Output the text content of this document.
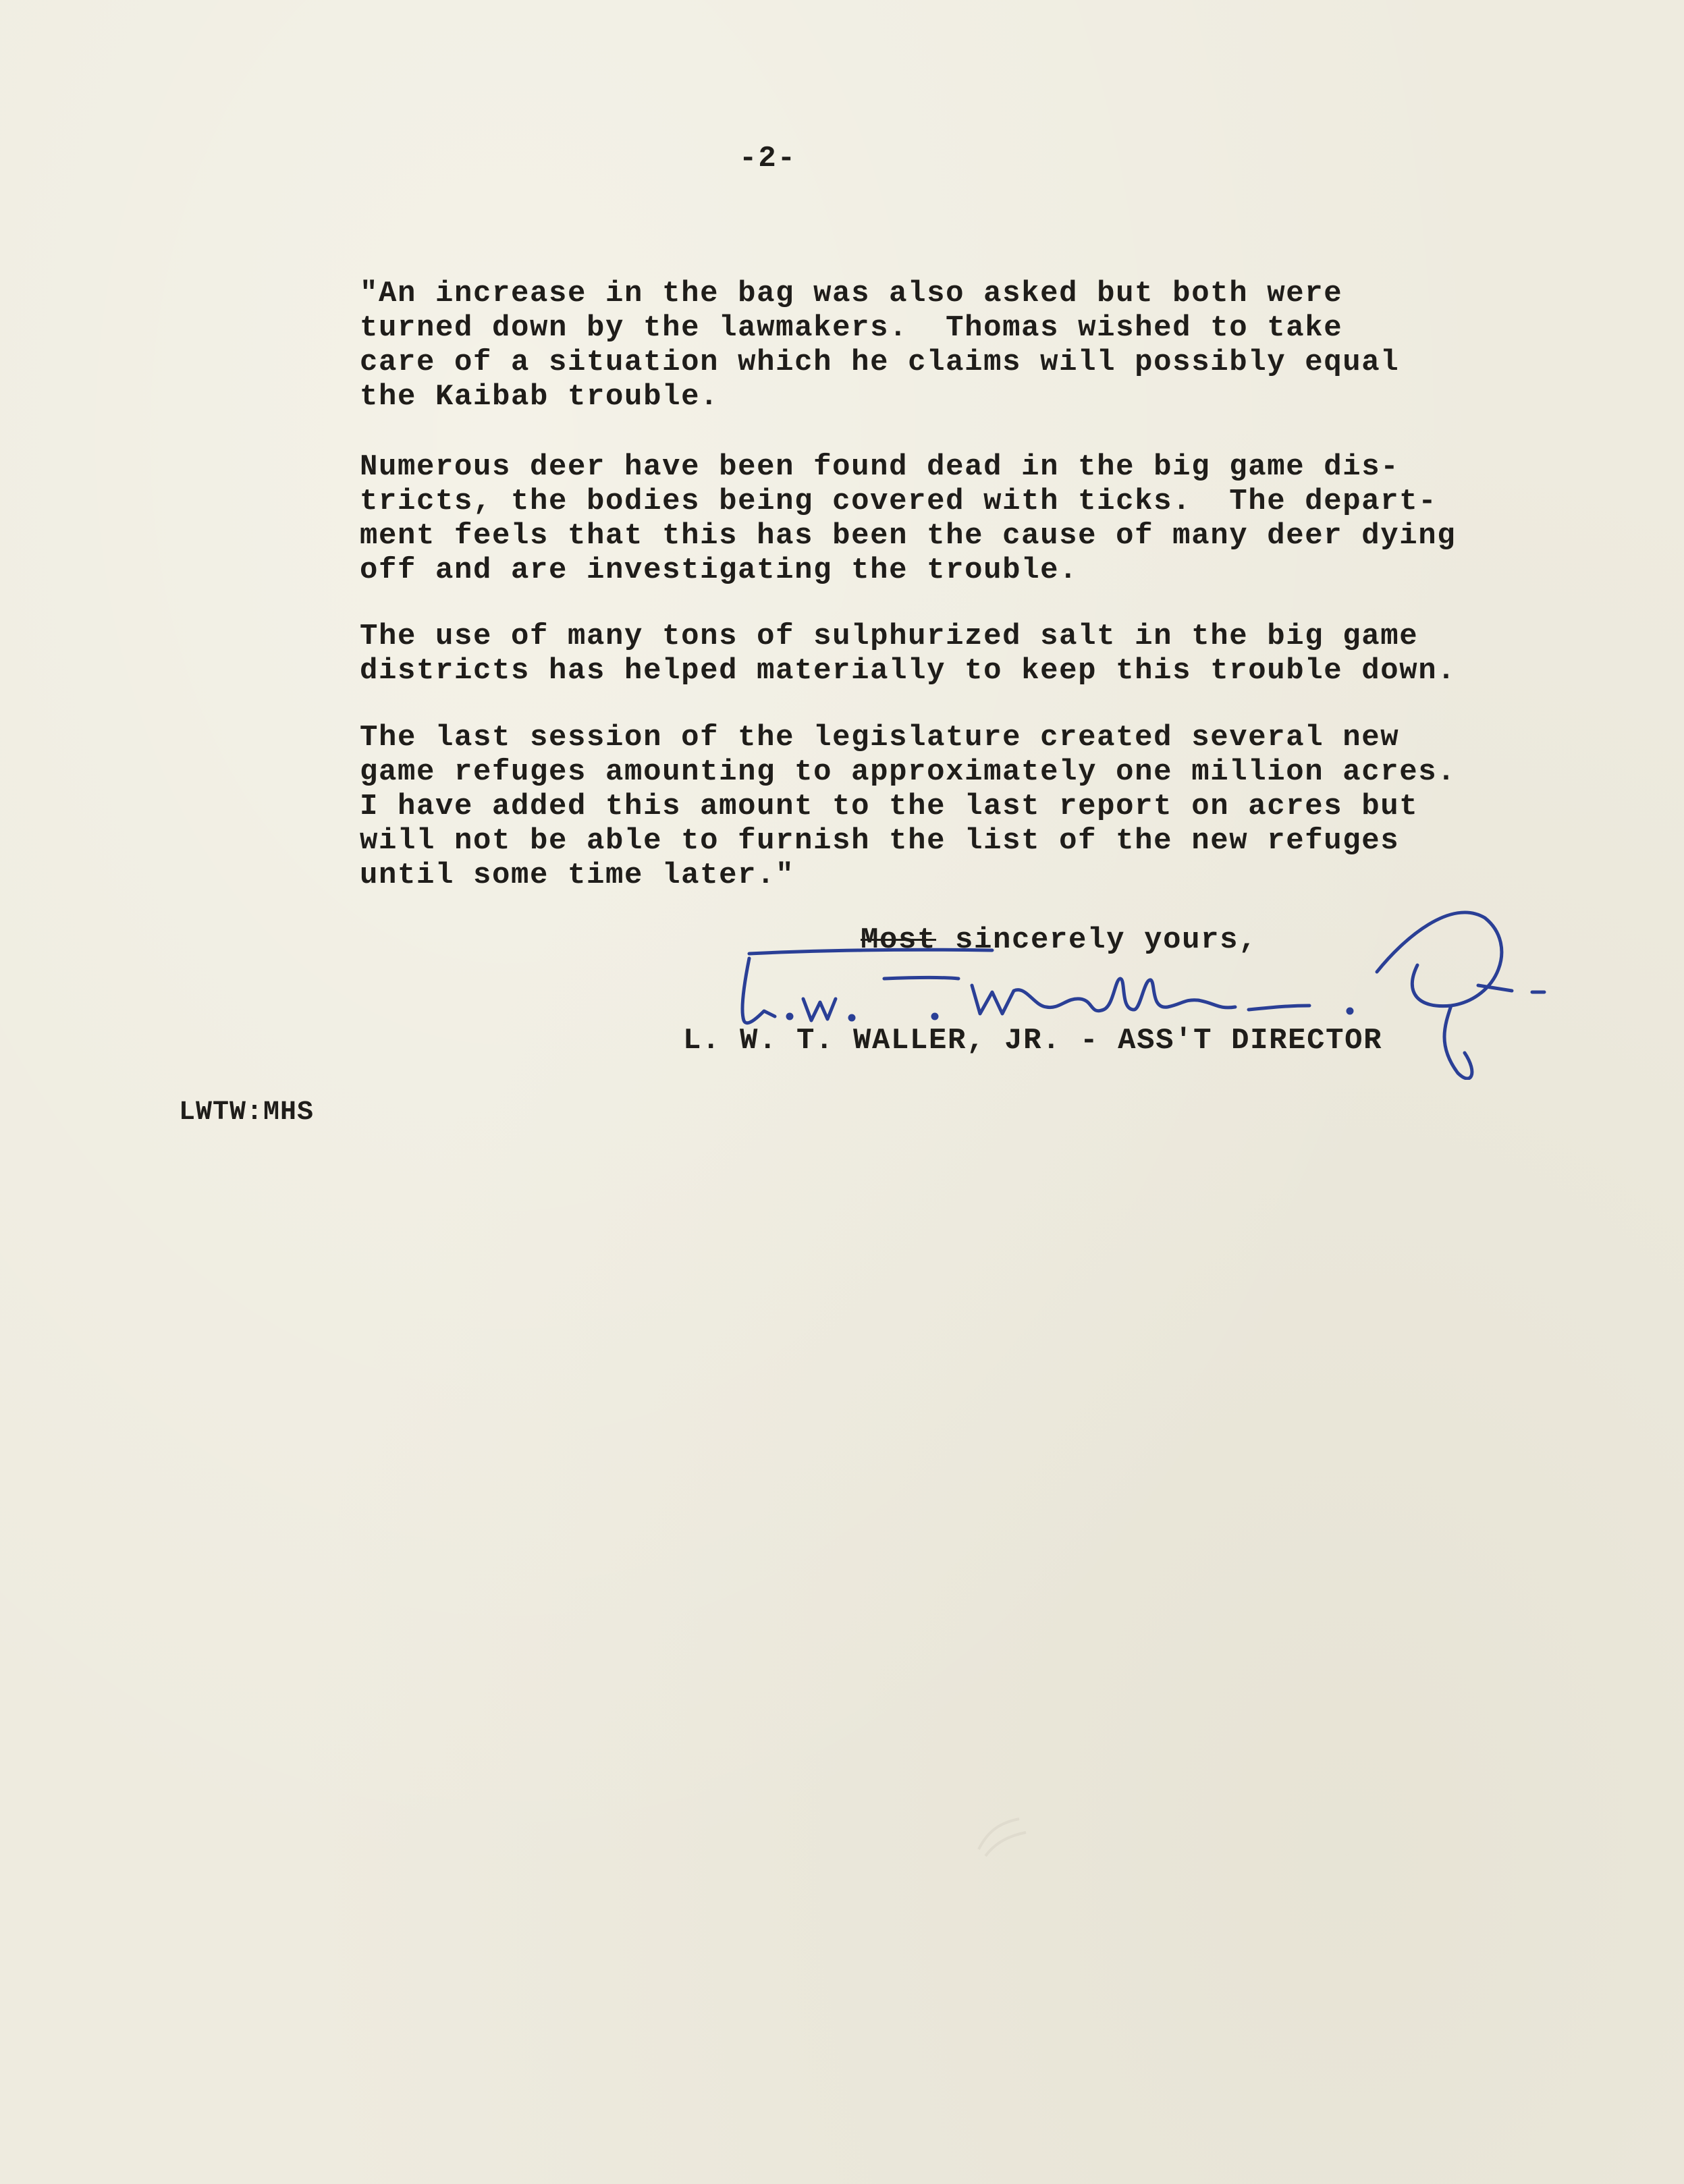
-2-
"An increase in the bag was also asked but both were
turned down by the lawmakers.  Thomas wished to take
care of a situation which he claims will possibly equal
the Kaibab trouble.
Numerous deer have been found dead in the big game dis-
tricts, the bodies being covered with ticks.  The depart-
ment feels that this has been the cause of many deer dying
off and are investigating the trouble.
The use of many tons of sulphurized salt in the big game
districts has helped materially to keep this trouble down.
The last session of the legislature created several new
game refuges amounting to approximately one million acres.
I have added this amount to the last report on acres but
will not be able to furnish the list of the new refuges
until some time later."
Most sincerely yours,
L. W. T. WALLER, JR. - ASS'T DIRECTOR
LWTW:MHS
